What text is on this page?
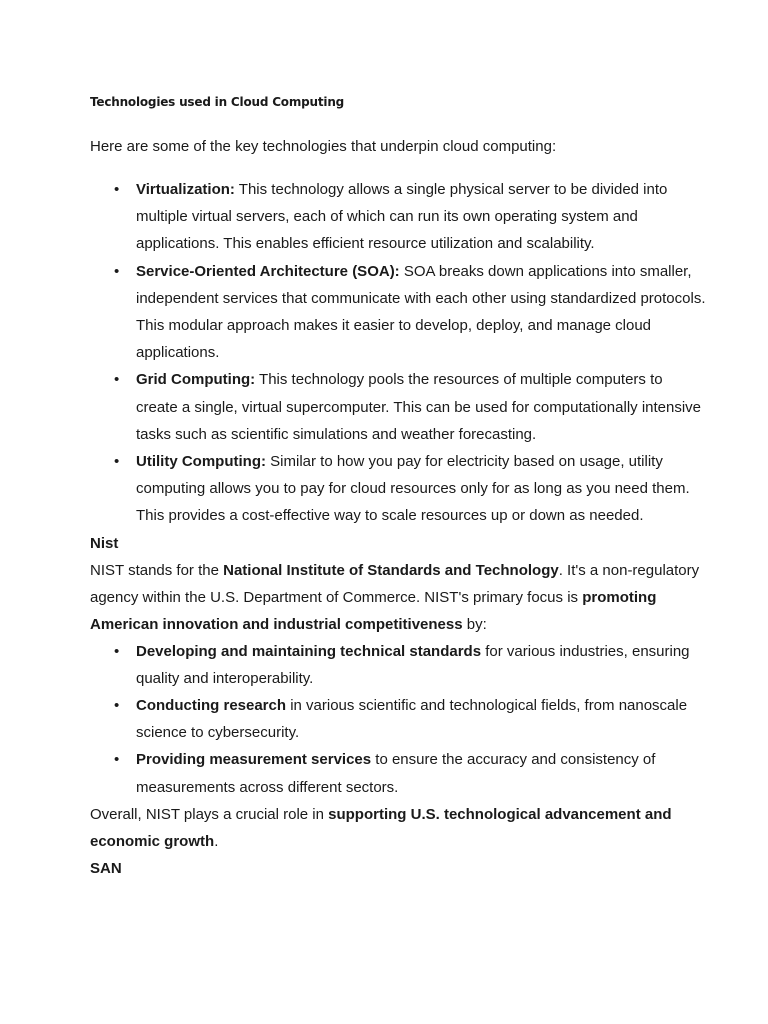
Technologies used in Cloud Computing

Here are some of the key technologies that underpin cloud computing:

• Virtualization: This technology allows a single physical server to be divided into multiple virtual servers, each of which can run its own operating system and applications. This enables efficient resource utilization and scalability.
• Service-Oriented Architecture (SOA): SOA breaks down applications into smaller, independent services that communicate with each other using standardized protocols. This modular approach makes it easier to develop, deploy, and manage cloud applications.
• Grid Computing: This technology pools the resources of multiple computers to create a single, virtual supercomputer. This can be used for computationally intensive tasks such as scientific simulations and weather forecasting.
• Utility Computing: Similar to how you pay for electricity based on usage, utility computing allows you to pay for cloud resources only for as long as you need them. This provides a cost-effective way to scale resources up or down as needed.
Nist

NIST stands for the National Institute of Standards and Technology. It's a non-regulatory agency within the U.S. Department of Commerce. NIST's primary focus is promoting American innovation and industrial competitiveness by:

• Developing and maintaining technical standards for various industries, ensuring quality and interoperability.
• Conducting research in various scientific and technological fields, from nanoscale science to cybersecurity.
• Providing measurement services to ensure the accuracy and consistency of measurements across different sectors.

Overall, NIST plays a crucial role in supporting U.S. technological advancement and economic growth.

SAN
